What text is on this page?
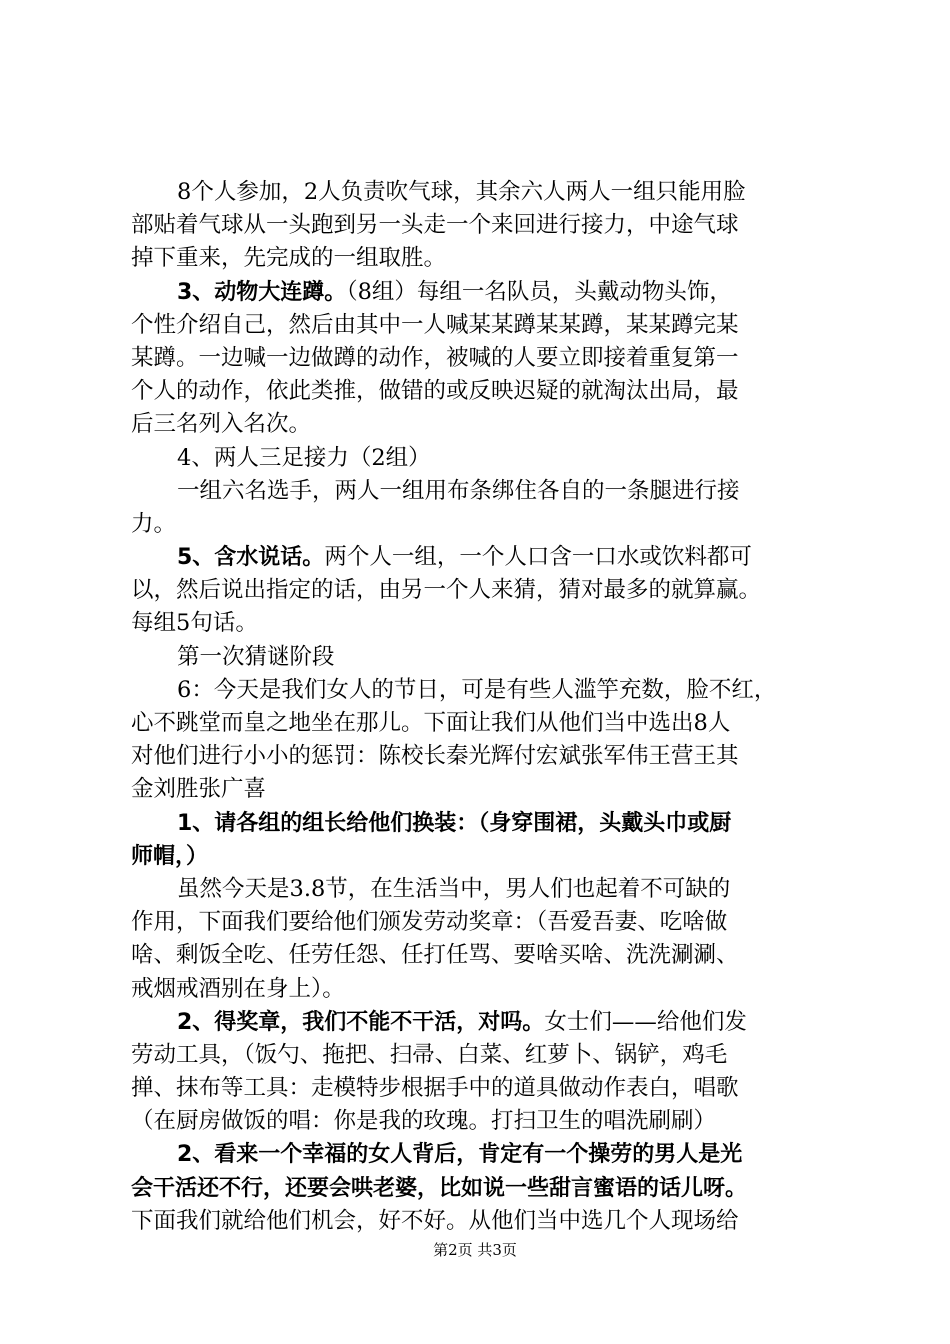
8个人参加，2人负责吹气球，其余六人两人一组只能用脸
部贴着气球从一头跑到另一头走一个来回进行接力，中途气球
掉下重来，先完成的一组取胜。
3、动物大连蹲。（8组）每组一名队员，头戴动物头饰，
个性介绍自己，然后由其中一人喊某某蹲某某蹲，某某蹲完某
某蹲。一边喊一边做蹲的动作，被喊的人要立即接着重复第一
个人的动作，依此类推，做错的或反映迟疑的就淘汰出局，最
后三名列入名次。
4、两人三足接力（2组）
一组六名选手，两人一组用布条绑住各自的一条腿进行接
力。
5、含水说话。两个人一组，一个人口含一口水或饮料都可
以，然后说出指定的话，由另一个人来猜，猜对最多的就算赢。
每组5句话。
第一次猜谜阶段
6：今天是我们女人的节日，可是有些人滥竽充数，脸不红，
心不跳堂而皇之地坐在那儿。下面让我们从他们当中选出8人
对他们进行小小的惩罚：陈校长秦光辉付宏斌张军伟王营王其
金刘胜张广喜
1、请各组的组长给他们换装：（身穿围裙，头戴头巾或厨
师帽，）
虽然今天是3.8节，在生活当中，男人们也起着不可缺的
作用，下面我们要给他们颁发劳动奖章：（吾爱吾妻、吃啥做
啥、剩饭全吃、任劳任怨、任打任骂、要啥买啥、洗洗涮涮、
戒烟戒酒别在身上）。
2、得奖章，我们不能不干活，对吗。女士们——给他们发
劳动工具，（饭勺、拖把、扫帚、白菜、红萝卜、锅铲，鸡毛
掸、抹布等工具：走模特步根据手中的道具做动作表白，唱歌
（在厨房做饭的唱：你是我的玫瑰。打扫卫生的唱洗刷刷）
2、看来一个幸福的女人背后，肯定有一个操劳的男人是光
会干活还不行，还要会哄老婆，比如说一些甜言蜜语的话儿呀。
下面我们就给他们机会，好不好。从他们当中选几个人现场给
第2页 共3页
